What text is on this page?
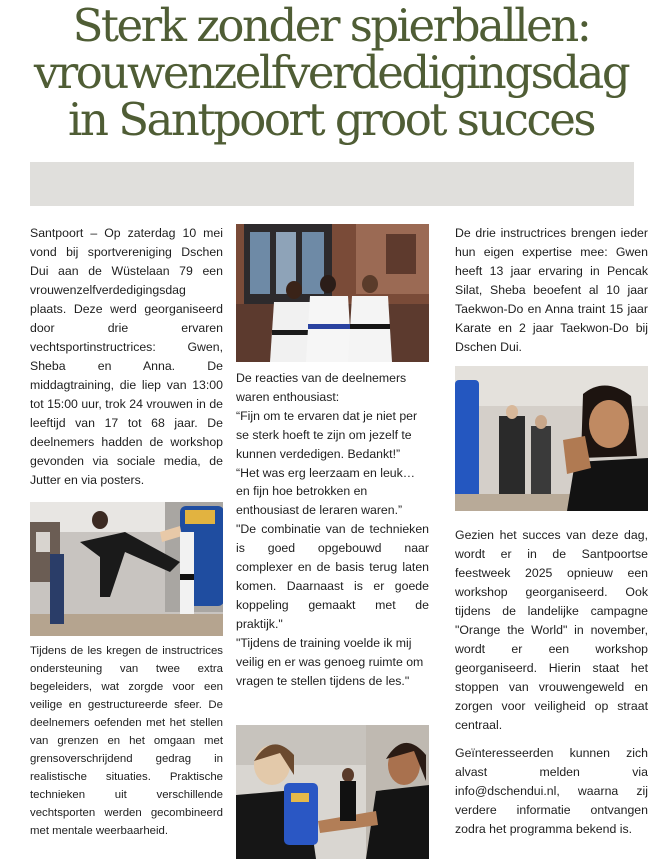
Sterk zonder spierballen:
vrouwenzelfverdedigingsdag
in Santpoort groot succes

Santpoort – Op zaterdag 10 mei vond bij sportvereniging Dschen Dui aan de Wüstelaan 79 een vrouwenzelfverdedigingsdag plaats. Deze werd georganiseerd door drie ervaren vechtsportinstructrices: Gwen, Sheba en Anna. De middagtraining, die liep van 13:00 tot 15:00 uur, trok 24 vrouwen in de leeftijd van 17 tot 68 jaar. De deelnemers hadden de workshop gevonden via sociale media, de Jutter en via posters.

Tijdens de les kregen de instructrices ondersteuning van twee extra begeleiders, wat zorgde voor een veilige en gestructureerde sfeer. De deelnemers oefenden met het stellen van grenzen en het omgaan met grensoverschrijdend gedrag in realistische situaties. Praktische technieken uit verschillende vechtsporten werden gecombineerd met mentale weerbaarheid.

De reacties van de deelnemers waren enthousiast:

“Fijn om te ervaren dat je niet per se sterk hoeft te zijn om jezelf te kunnen verdedigen. Bedankt!”

“Het was erg leerzaam en leuk… en fijn hoe betrokken en enthousiast de leraren waren.”

"De combinatie van de technieken is goed opgebouwd naar complexer en de basis terug laten komen. Daarnaast is er goede koppeling gemaakt met de praktijk."

"Tijdens de training voelde ik mij veilig en er was genoeg ruimte om vragen te stellen tijdens de les."

De drie instructrices brengen ieder hun eigen expertise mee: Gwen heeft 13 jaar ervaring in Pencak Silat, Sheba beoefent al 10 jaar Taekwon-Do en Anna traint 15 jaar Karate en 2 jaar Taekwon-Do bij Dschen Dui.

Gezien het succes van deze dag, wordt er in de Santpoortse feestweek 2025 opnieuw een workshop georganiseerd. Ook tijdens de landelijke campagne "Orange the World" in november, wordt er een workshop georganiseerd. Hierin staat het stoppen van vrouwengeweld en zorgen voor veiligheid op straat centraal.

Geïnteresseerden kunnen zich alvast melden via info@dschendui.nl, waarna zij verdere informatie ontvangen zodra het programma bekend is.
